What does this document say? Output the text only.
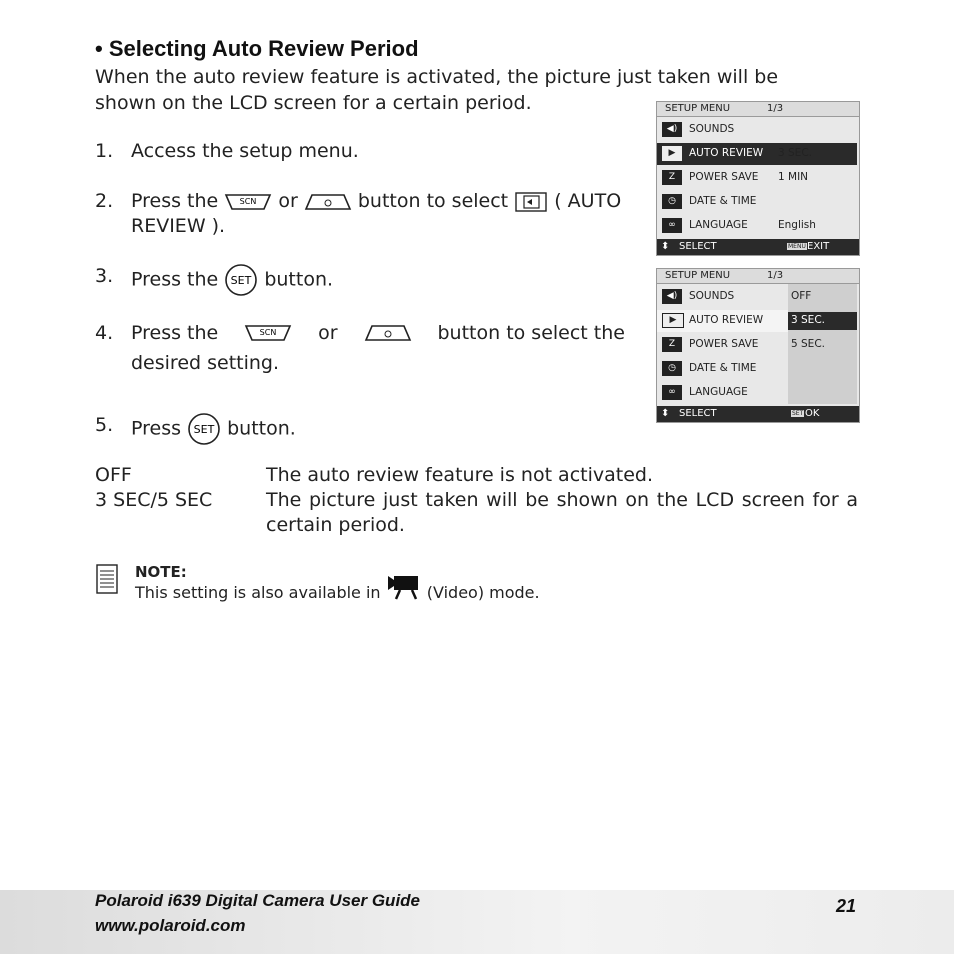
• Selecting Auto Review Period

When the auto review feature is activated, the picture just taken will be

shown on the LCD screen for a certain period.

1. Access the setup menu.
2. Press the	SCN or	button to select ( AUTO
REVIEW ).
3. Press the SET button.
4. Press the	SCN or	button to select the
desired setting.
5. Press SET button.
OFF	The auto review feature is not activated.
3 SEC/5 SEC	The picture just taken will be shown on the LCD screen for a certain period.
NOTE:
This setting is also available in	(Video) mode.
SETUP MENU	1/3
◀)	SOUNDS
▶	AUTO REVIEW 3 SEC.
Z	POWER SAVE 1 MIN
◷	DATE & TIME
∞	LANGUAGE	English
⬍ SELECT	MENU EXIT
SETUP MENU	1/3
◀)	SOUNDS	OFF
▶	AUTO REVIEW	3 SEC.
Z	POWER SAVE	5 SEC.
◷	DATE & TIME
∞	LANGUAGE
⬍ SELECT	SET OK
Polaroid i639 Digital Camera User Guide
www.polaroid.com
21
